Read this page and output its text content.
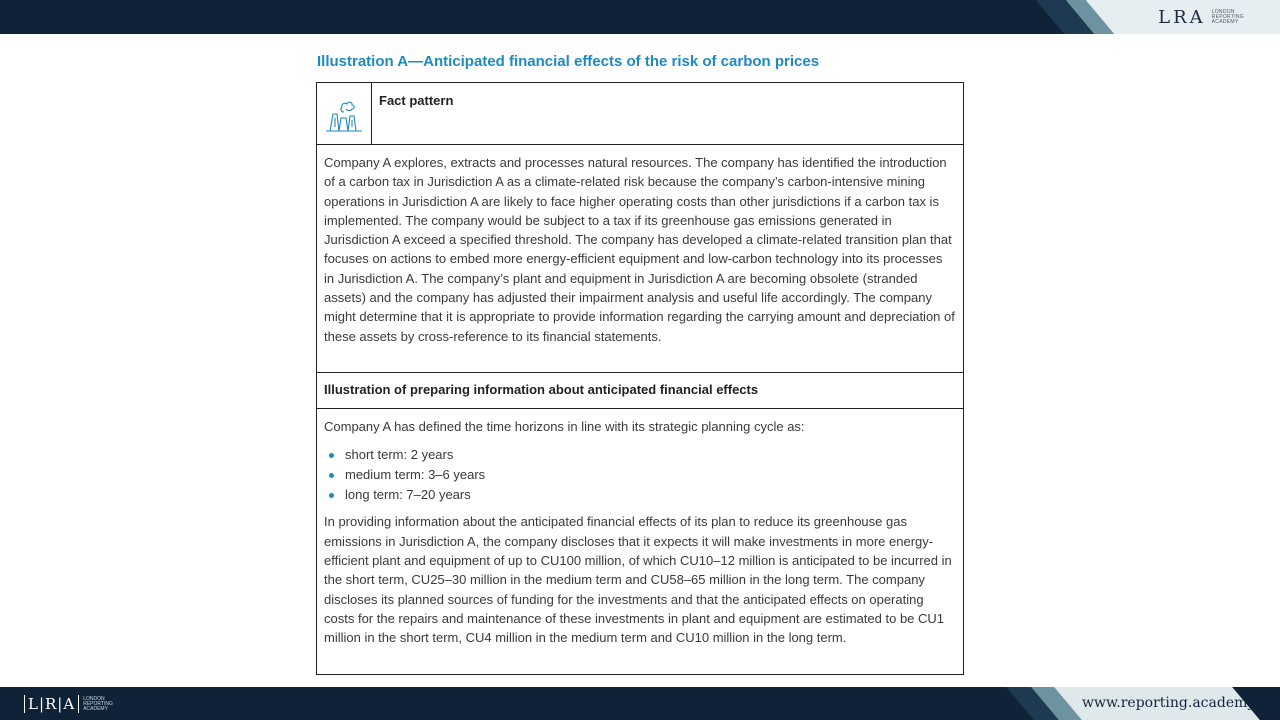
LRA LONDON
REPORTING
ACADEMY
Illustration A—Anticipated financial effects of the risk of carbon prices
Fact pattern

Company A explores, extracts and processes natural resources. The company has identified the introduction of a carbon tax in Jurisdiction A as a climate-related risk because the company’s carbon-intensive mining operations in Jurisdiction A are likely to face higher operating costs than other jurisdictions if a carbon tax is implemented. The company would be subject to a tax if its greenhouse gas emissions generated in Jurisdiction A exceed a specified threshold. The company has developed a climate-related transition plan that focuses on actions to embed more energy-efficient equipment and low-carbon technology into its processes in Jurisdiction A. The company’s plant and equipment in Jurisdiction A are becoming obsolete (stranded assets) and the company has adjusted their impairment analysis and useful life accordingly. The company might determine that it is appropriate to provide information regarding the carrying amount and depreciation of these assets by cross-reference to its financial statements.

Illustration of preparing information about anticipated financial effects

Company A has defined the time horizons in line with its strategic planning cycle as:

short term: 2 years
medium term: 3–6 years
long term: 7–20 years

In providing information about the anticipated financial effects of its plan to reduce its greenhouse gas emissions in Jurisdiction A, the company discloses that it expects it will make investments in more energy-efficient plant and equipment of up to CU100 million, of which CU10–12 million is anticipated to be incurred in the short term, CU25–30 million in the medium term and CU58–65 million in the long term. The company discloses its planned sources of funding for the investments and that the anticipated effects on operating costs for the repairs and maintenance of these investments in plant and equipment are estimated to be CU1 million in the short term, CU4 million in the medium term and CU10 million in the long term.

L|R|A	LONDON
REPORTING
ACADEMY	www.reporting.academy
